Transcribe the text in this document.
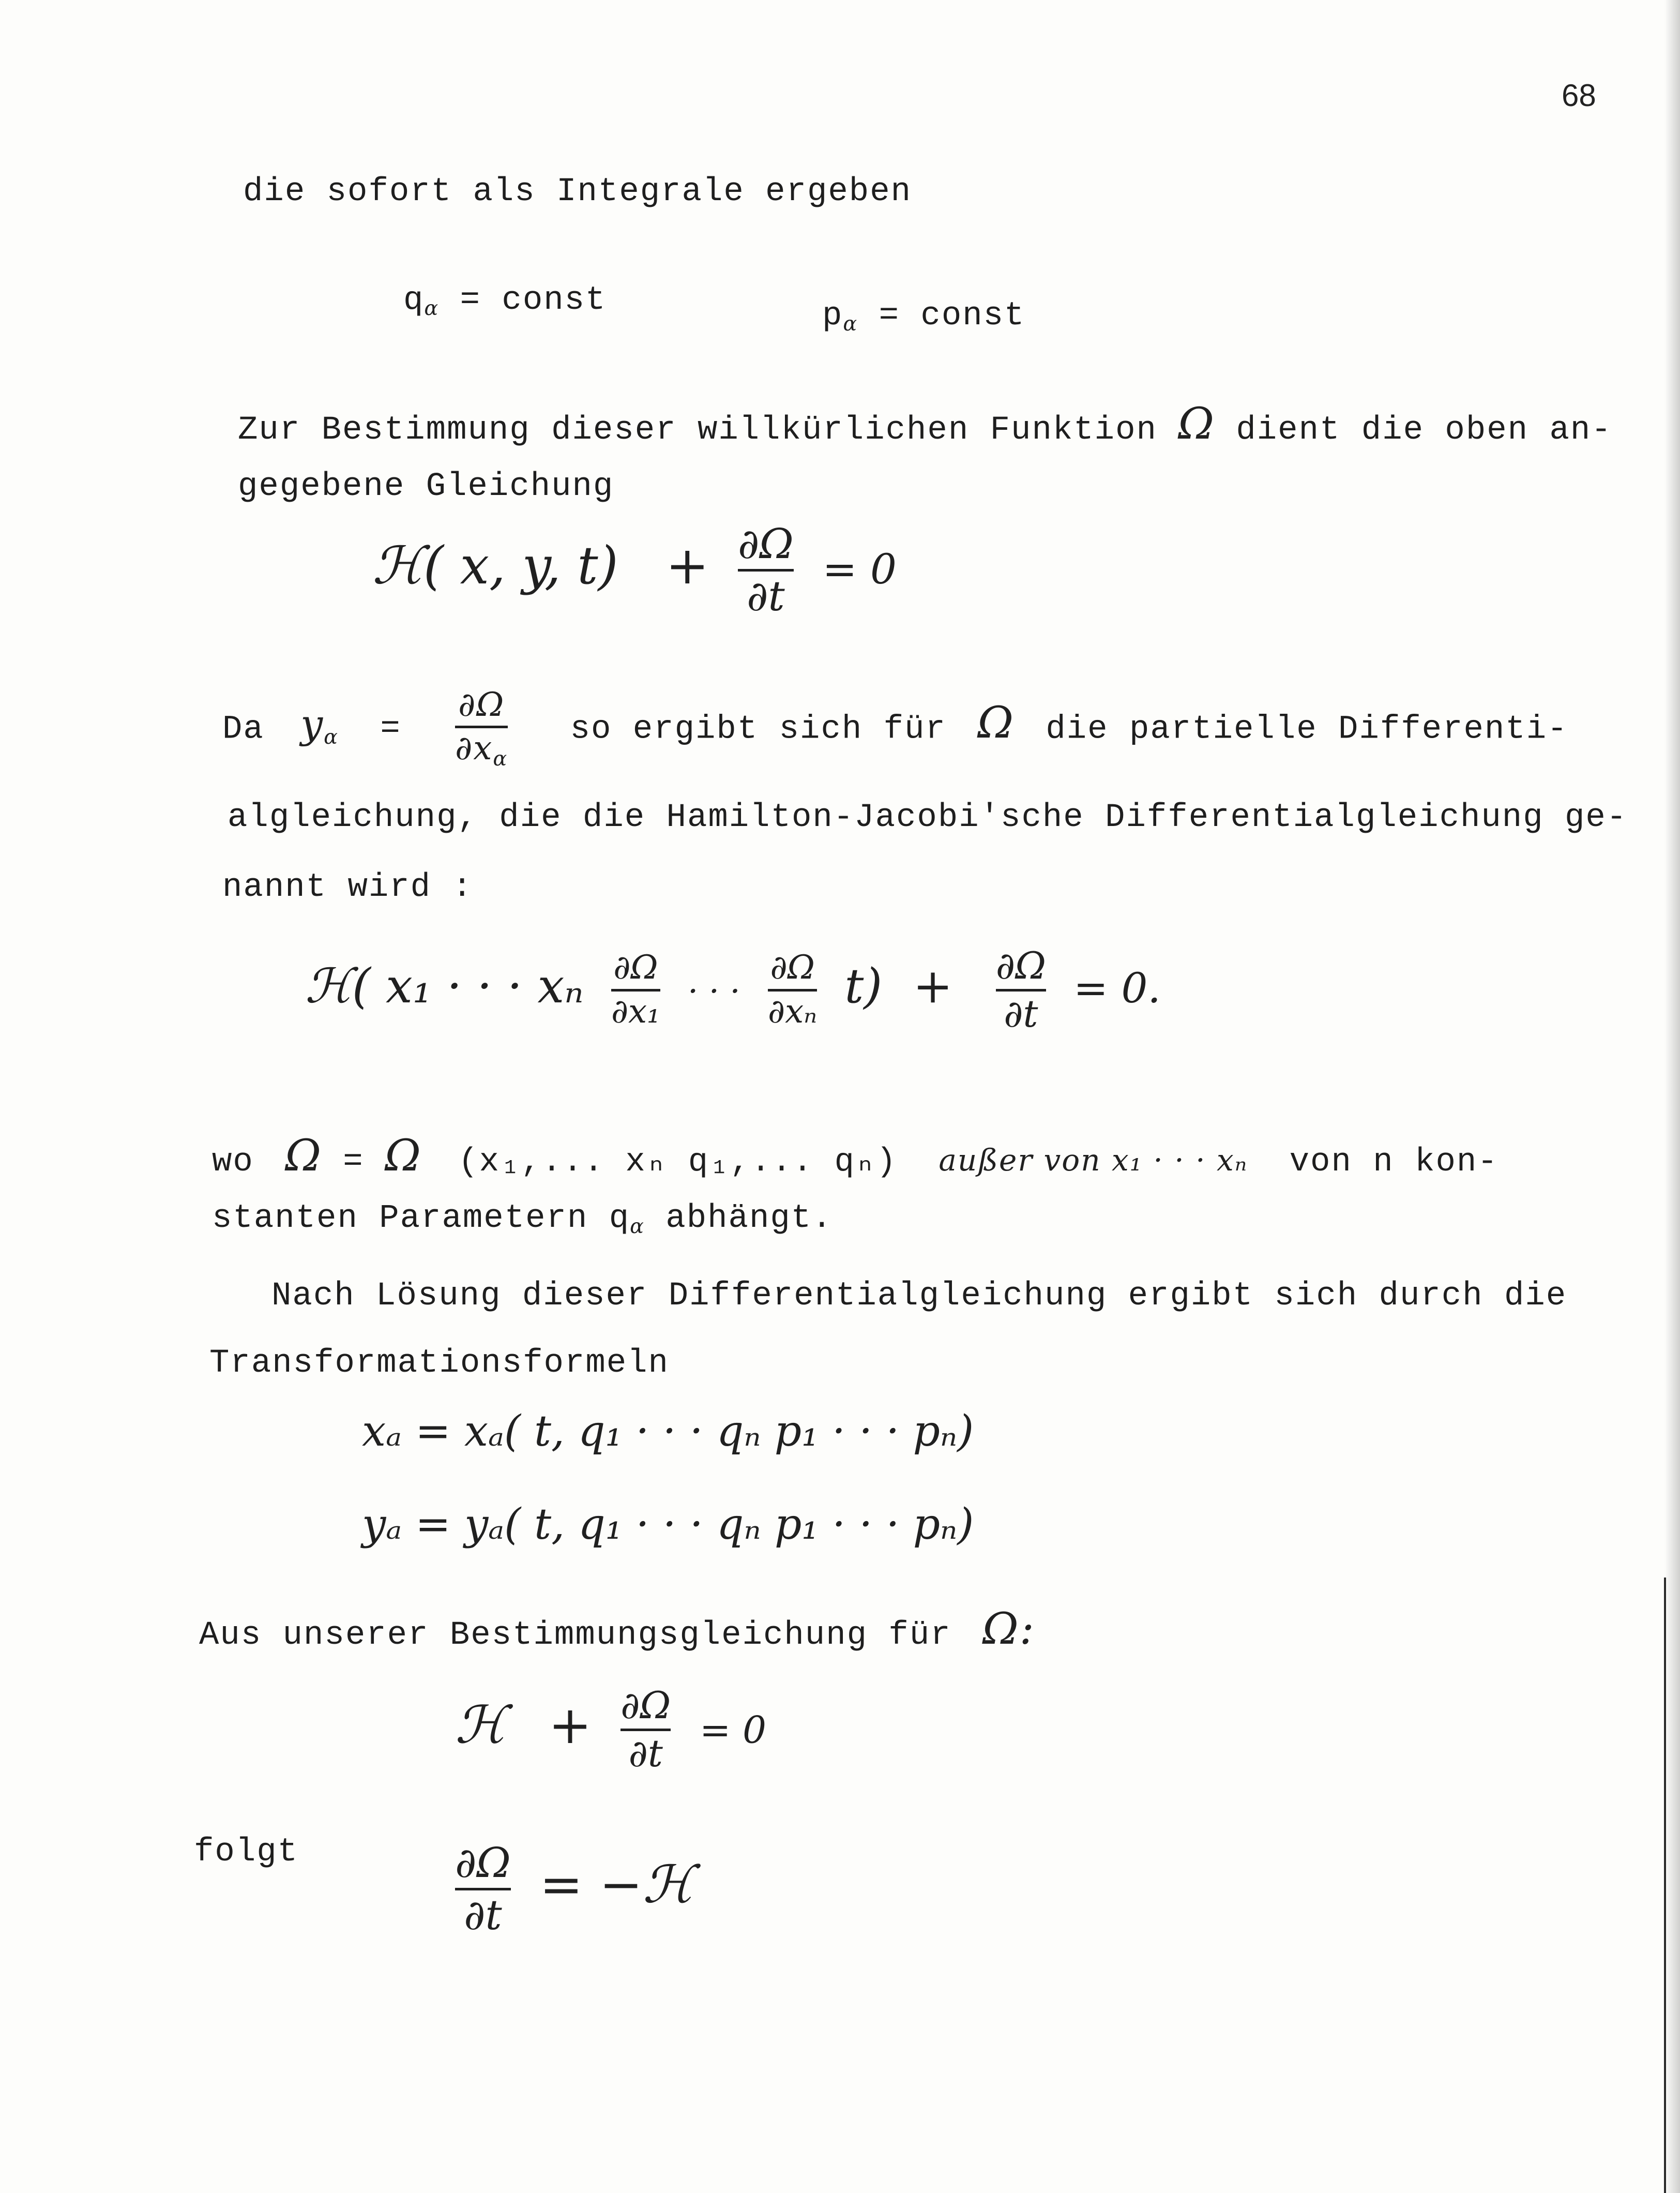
68
die sofort als Integrale ergeben
$q_\alpha$ = const	$p_\alpha$ = const
Zur Bestimmung dieser willkürlichen Funktion Ω dient die oben an-
gegebene Gleichung
ℋ( x, y, t) + ∂Ω
∂t
= 0
Da $y_\alpha$ =
∂Ω
$\partial x_\alpha$
so ergibt sich für Ω die partielle Differenti-
algleichung, die die Hamilton-Jacobi'sche Differentialgleichung ge-
nannt wird :
ℋ( x₁ · · · xₙ ∂Ω
∂x₁
· · ·
∂Ω
∂xₙ t) + ∂Ω
∂t
= 0.
wo Ω = Ω (x₁,... xₙ q₁,... qₙ) außer von x₁ · · · xₙ von n kon-
stanten Parametern $q_\alpha$ abhängt.
Nach Lösung dieser Differentialgleichung ergibt sich durch die
Transformationsformeln
xₐ = xₐ( t, q₁ · · · qₙ p₁ · · · pₙ)
yₐ = yₐ( t, q₁ · · · qₙ p₁ · · · pₙ)
Aus unserer Bestimmungsgleichung für Ω:
ℋ + ∂Ω
∂t
= 0
folgt	∂Ω
∂t
= −ℋ
